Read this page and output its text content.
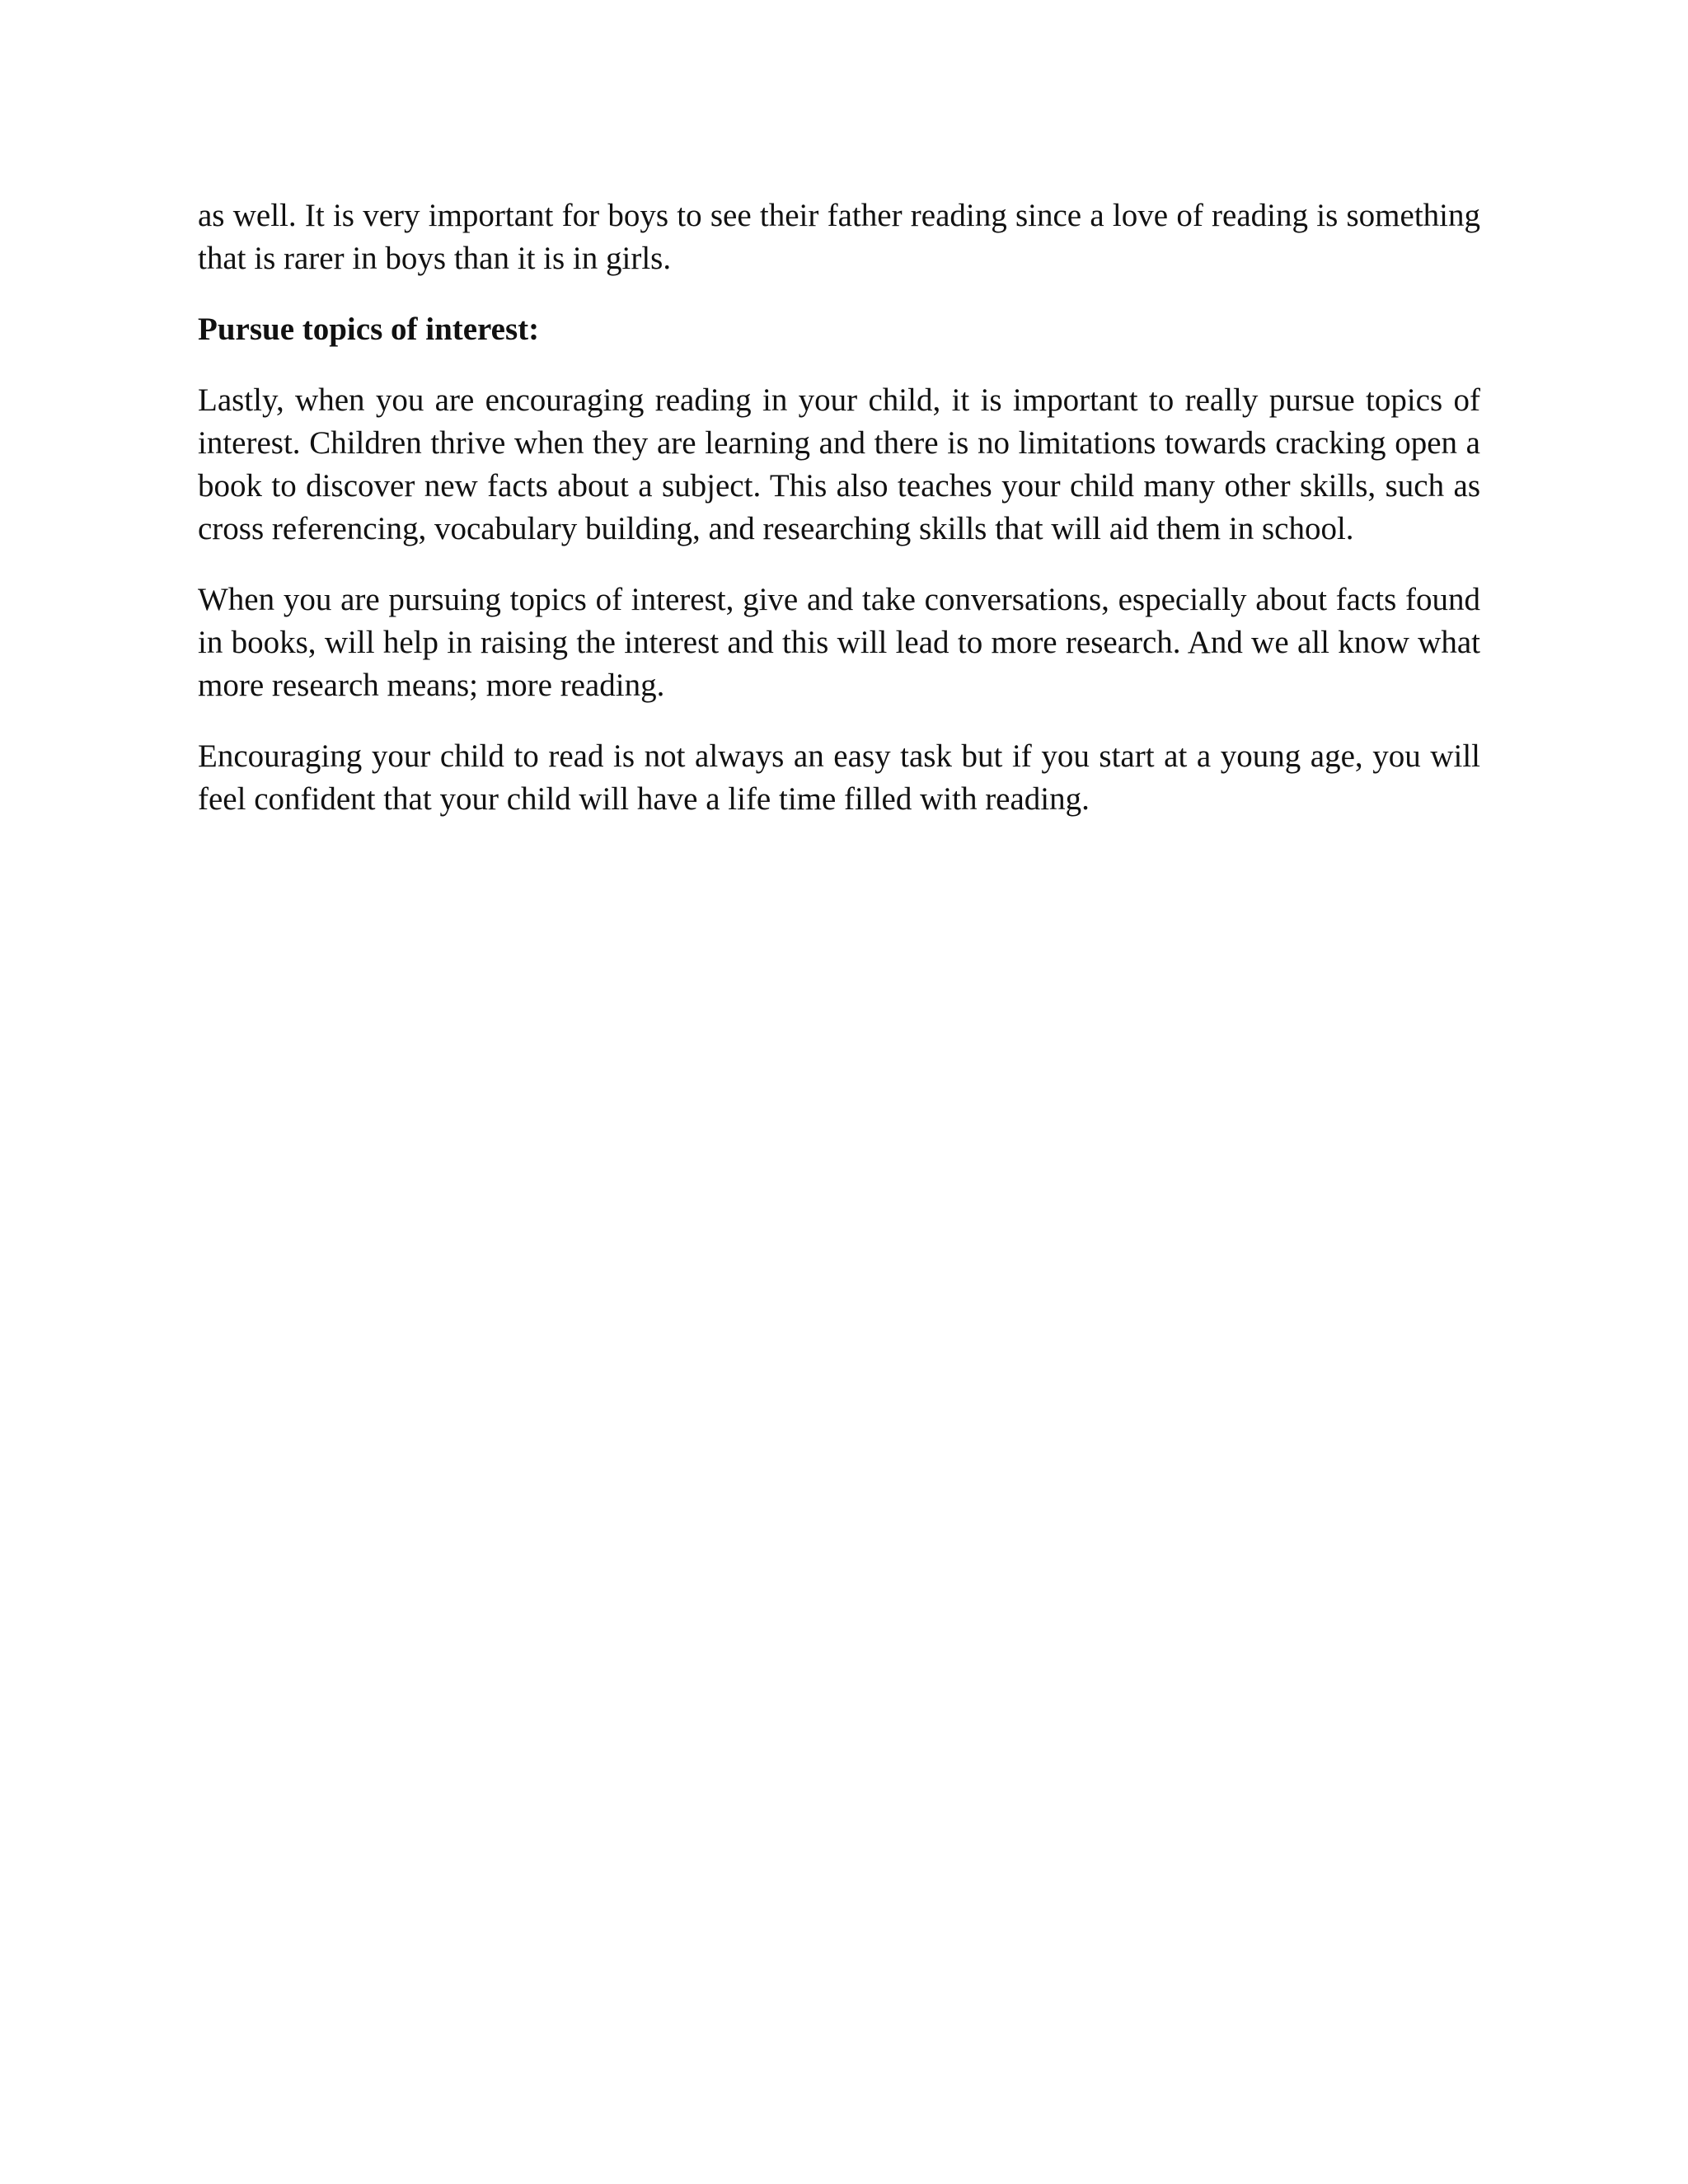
as well. It is very important for boys to see their father reading since a love of reading is something that is rarer in boys than it is in girls.

Pursue topics of interest:

Lastly, when you are encouraging reading in your child, it is important to really pursue topics of interest. Children thrive when they are learning and there is no limitations towards cracking open a book to discover new facts about a subject. This also teaches your child many other skills, such as cross referencing, vocabulary building, and researching skills that will aid them in school.

When you are pursuing topics of interest, give and take conversations, especially about facts found in books, will help in raising the interest and this will lead to more research. And we all know what more research means; more reading.

Encouraging your child to read is not always an easy task but if you start at a young age, you will feel confident that your child will have a life time filled with reading.
